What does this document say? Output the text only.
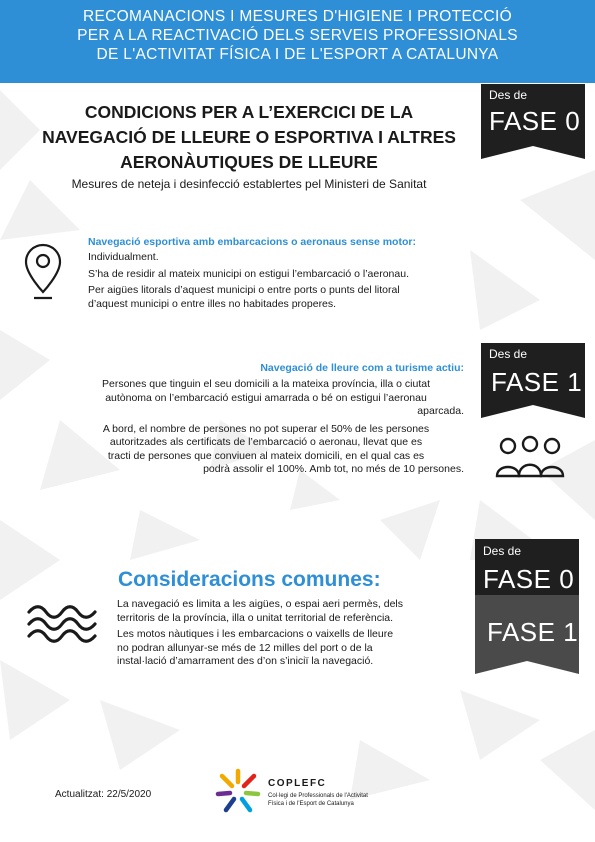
RECOMANACIONS I MESURES D'HIGIENE I PROTECCIÓ
PER A LA REACTIVACIÓ DELS SERVEIS PROFESSIONALS
DE L'ACTIVITAT FÍSICA I DE L'ESPORT A CATALUNYA
CONDICIONS PER A L’EXERCICI DE LA
NAVEGACIÓ DE LLEURE O ESPORTIVA I ALTRES
AERONÀUTIQUES DE LLEURE
Mesures de neteja i desinfecció establertes pel Ministeri de Sanitat
Des de
FASE 0
Navegació esportiva amb embarcacions o aeronaus sense motor:
Individualment.
S’ha de residir al mateix municipi on estigui l’embarcació o l’aeronau.
Per aigües litorals d’aquest municipi o entre ports o punts del litoral
d’aquest municipi o entre illes no habitades properes.
Des de
FASE 1
Navegació de lleure com a turisme actiu:
Persones que tinguin el seu domicili a la mateixa província, illa o ciutat
autònoma on l’embarcació estigui amarrada o bé on estigui l’aeronau
aparcada.
A bord, el nombre de persones no pot superar el 50% de les persones
autoritzades als certificats de l’embarcació o aeronau, llevat que es
tracti de persones que conviuen al mateix domicili, en el qual cas es
podrà assolir el 100%. Amb tot, no més de 10 persones.
Des de
FASE 0
FASE 1
Consideracions comunes:
La navegació es limita a les aigües, o espai aeri permès, dels
territoris de la província, illa o unitat territorial de referència.
Les motos nàutiques i les embarcacions o vaixells de lleure
no podran allunyar-se més de 12 milles del port o de la
instal·lació d’amarrament des d’on s’iniciï la navegació.
Actualitzat: 22/5/2020
COPLEFC
Col·legi de Professionals de l'Activitat
Física i de l'Esport de Catalunya
